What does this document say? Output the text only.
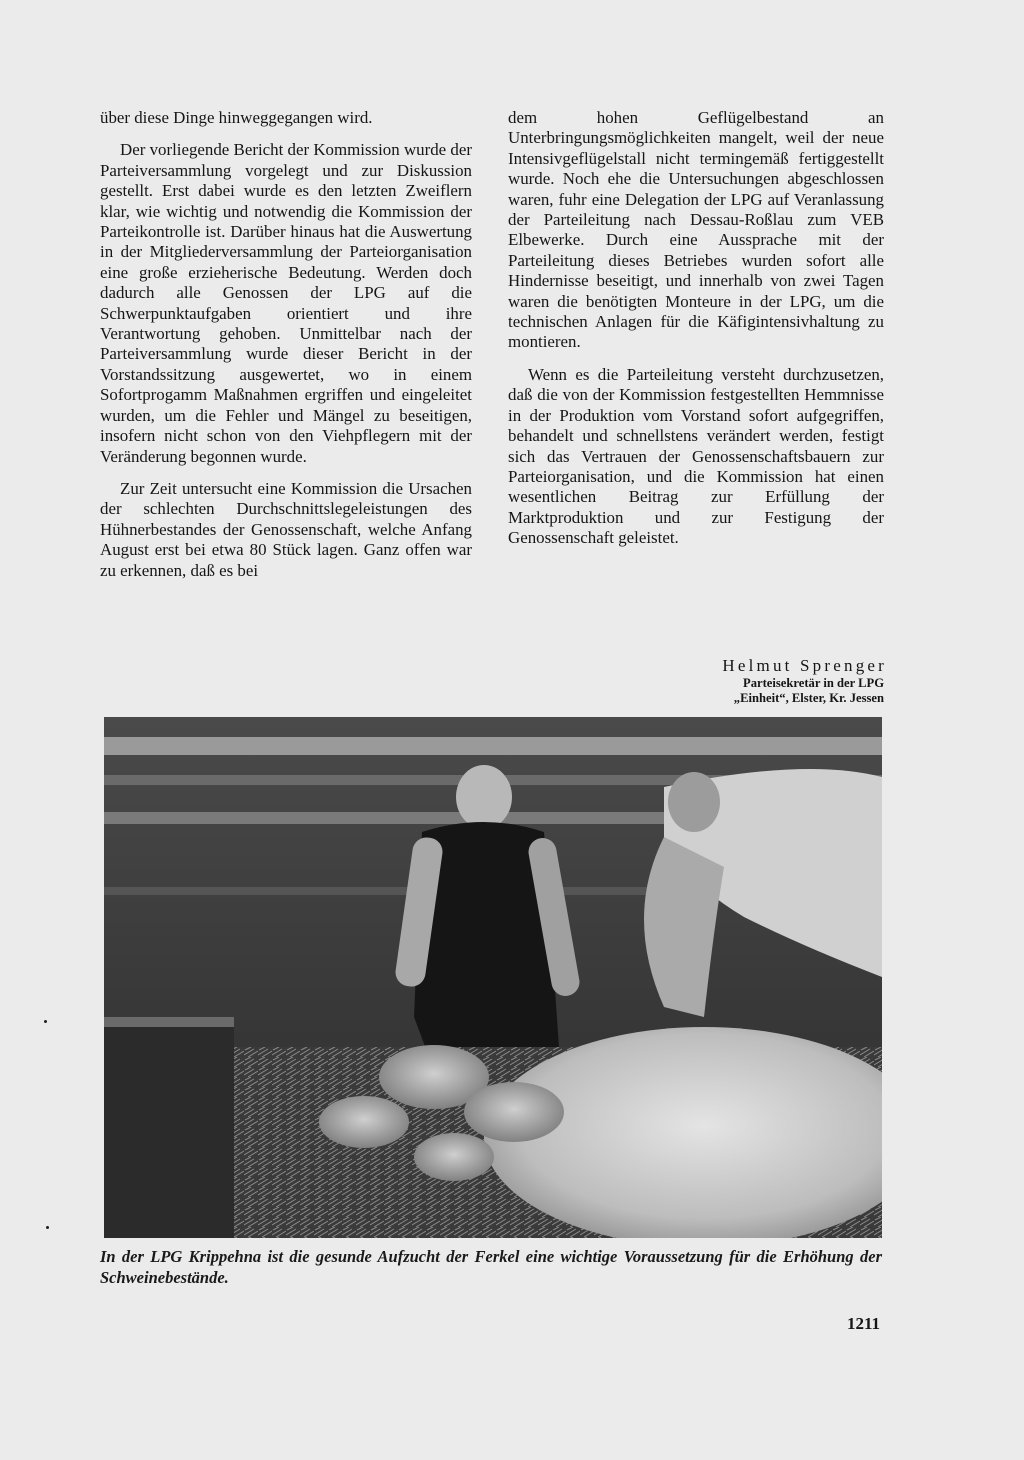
über diese Dinge hinweggegangen wird.

Der vorliegende Bericht der Kommission wurde der Parteiversammlung vorgelegt und zur Diskussion gestellt. Erst dabei wurde es den letzten Zweiflern klar, wie wichtig und notwendig die Kommission der Parteikontrolle ist. Darüber hinaus hat die Auswertung in der Mitgliederversammlung der Parteiorganisation eine große erzieherische Bedeutung. Werden doch dadurch alle Genossen der LPG auf die Schwerpunktaufgaben orientiert und ihre Verantwortung gehoben. Unmittelbar nach der Parteiversammlung wurde dieser Bericht in der Vorstandssitzung ausgewertet, wo in einem Sofortprogamm Maßnahmen ergriffen und eingeleitet wurden, um die Fehler und Mängel zu beseitigen, insofern nicht schon von den Viehpflegern mit der Veränderung begonnen wurde.

Zur Zeit untersucht eine Kommission die Ursachen der schlechten Durchschnittslegeleistungen des Hühnerbestandes der Genossenschaft, welche Anfang August erst bei etwa 80 Stück lagen. Ganz offen war zu erkennen, daß es bei

dem hohen Geflügelbestand an Unterbringungsmöglichkeiten mangelt, weil der neue Intensivgeflügelstall nicht termingemäß fertiggestellt wurde. Noch ehe die Untersuchungen abgeschlossen waren, fuhr eine Delegation der LPG auf Veranlassung der Parteileitung nach Dessau-Roßlau zum VEB Elbewerke. Durch eine Aussprache mit der Parteileitung dieses Betriebes wurden sofort alle Hindernisse beseitigt, und innerhalb von zwei Tagen waren die benötigten Monteure in der LPG, um die technischen Anlagen für die Käfigintensivhaltung zu montieren.

Wenn es die Parteileitung versteht durchzusetzen, daß die von der Kommission festgestellten Hemmnisse in der Produktion vom Vorstand sofort aufgegriffen, behandelt und schnellstens verändert werden, festigt sich das Vertrauen der Genossenschaftsbauern zur Parteiorganisation, und die Kommission hat einen wesentlichen Beitrag zur Erfüllung der Marktproduktion und zur Festigung der Genossenschaft geleistet.

Helmut Sprenger
Parteisekretär in der LPG
„Einheit“, Elster, Kr. Jessen
In der LPG Krippehna ist die gesunde Aufzucht der Ferkel eine wichtige Voraussetzung für die Erhöhung der Schweinebestände.
1211
